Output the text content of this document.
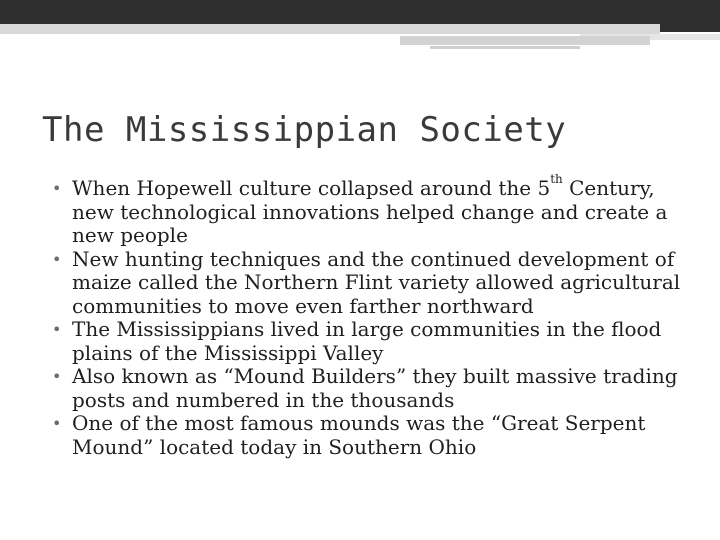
The Mississippian Society
• When Hopewell culture collapsed around the 5th Century, new technological innovations helped change and create a new people
• New hunting techniques and the continued development of maize called the Northern Flint variety allowed agricultural communities to move even farther northward
• The Mississippians lived in large communities in the flood plains of the Mississippi Valley
• Also known as “Mound Builders” they built massive trading posts and numbered in the thousands
• One of the most famous mounds was the “Great Serpent Mound” located today in Southern Ohio
